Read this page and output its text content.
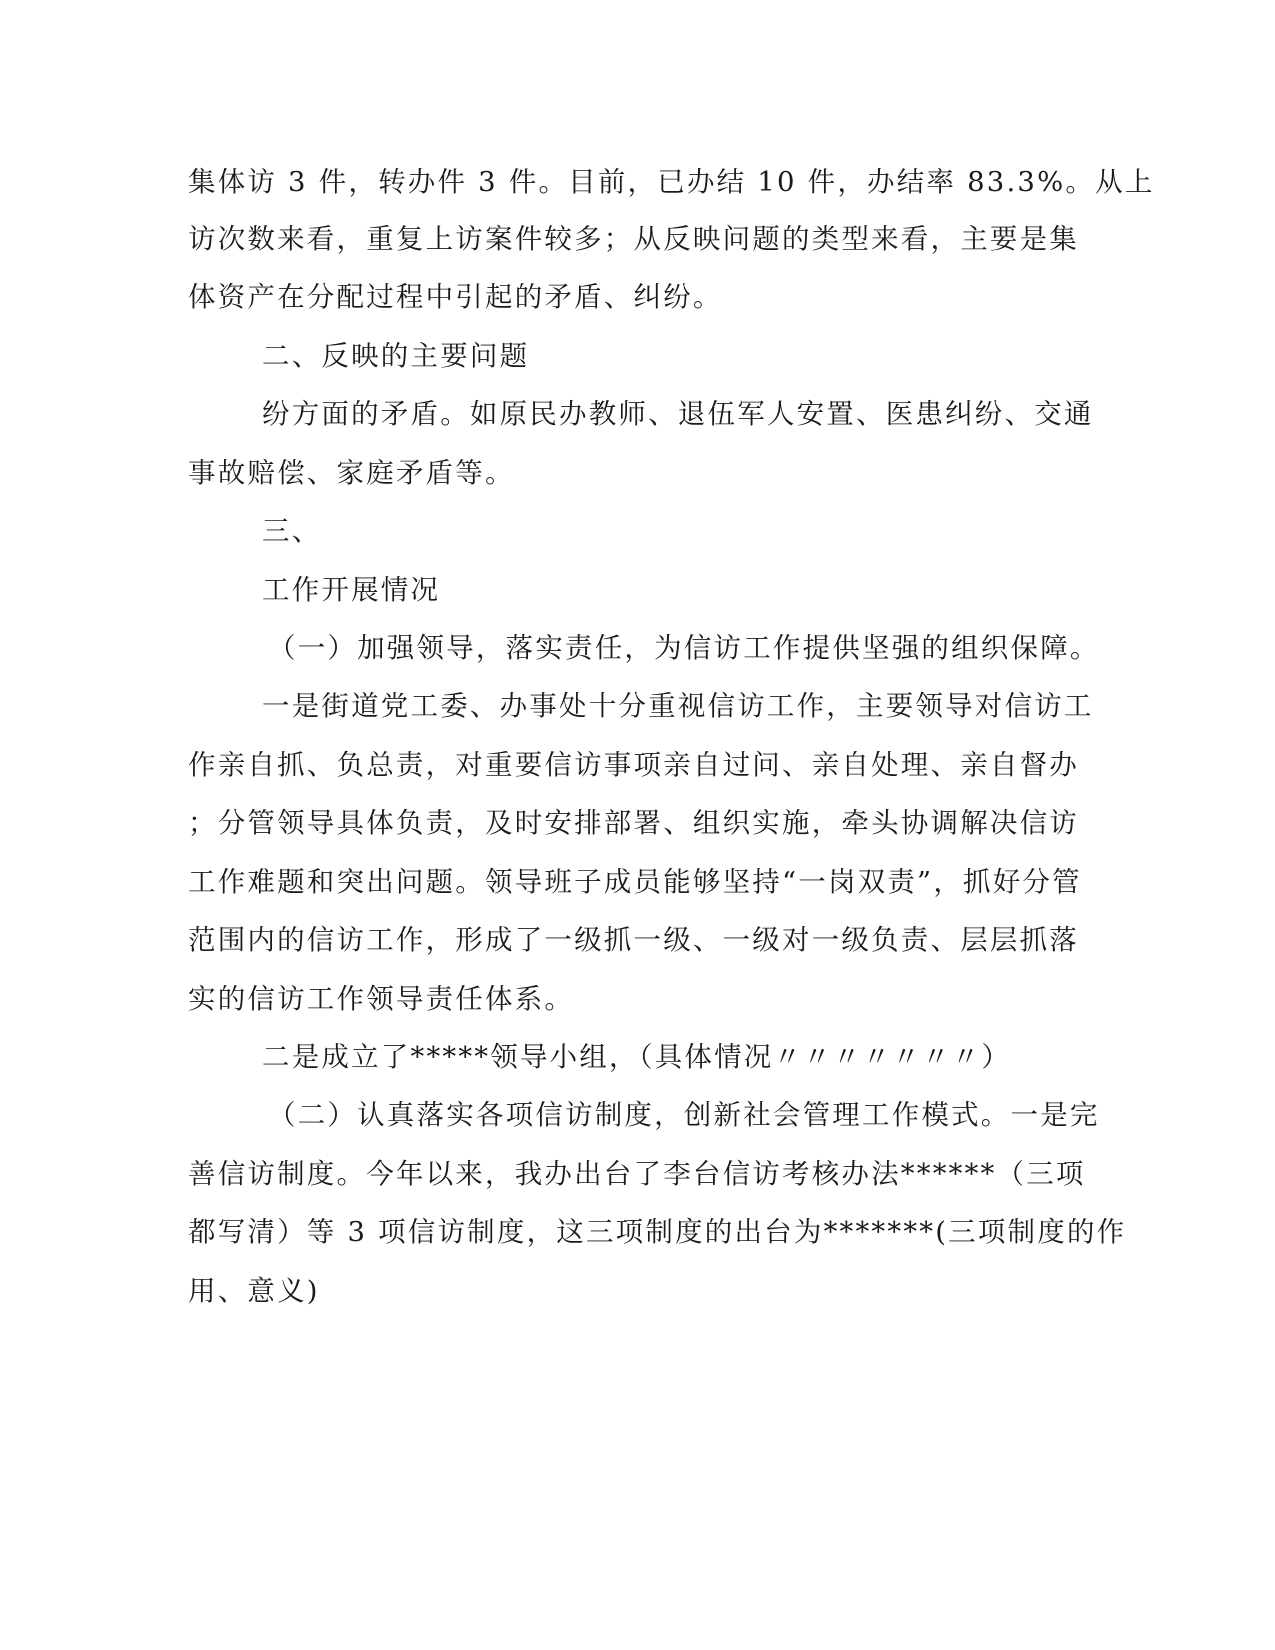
集体访 3 件，转办件 3 件。目前，已办结 10 件，办结率 83.3%。从上
访次数来看，重复上访案件较多；从反映问题的类型来看，主要是集
体资产在分配过程中引起的矛盾、纠纷。
二、反映的主要问题
纷方面的矛盾。如原民办教师、退伍军人安置、医患纠纷、交通
事故赔偿、家庭矛盾等。
三、
工作开展情况
（一）加强领导，落实责任，为信访工作提供坚强的组织保障。
一是街道党工委、办事处十分重视信访工作，主要领导对信访工
作亲自抓、负总责，对重要信访事项亲自过问、亲自处理、亲自督办
；分管领导具体负责，及时安排部署、组织实施，牵头协调解决信访
工作难题和突出问题。领导班子成员能够坚持“一岗双责”，抓好分管
范围内的信访工作，形成了一级抓一级、一级对一级负责、层层抓落
实的信访工作领导责任体系。
二是成立了*****领导小组，（具体情况〃〃〃〃〃〃〃）
（二）认真落实各项信访制度，创新社会管理工作模式。一是完
善信访制度。今年以来，我办出台了李台信访考核办法******（三项
都写清）等 3 项信访制度，这三项制度的出台为*******(三项制度的作
用、意义)
